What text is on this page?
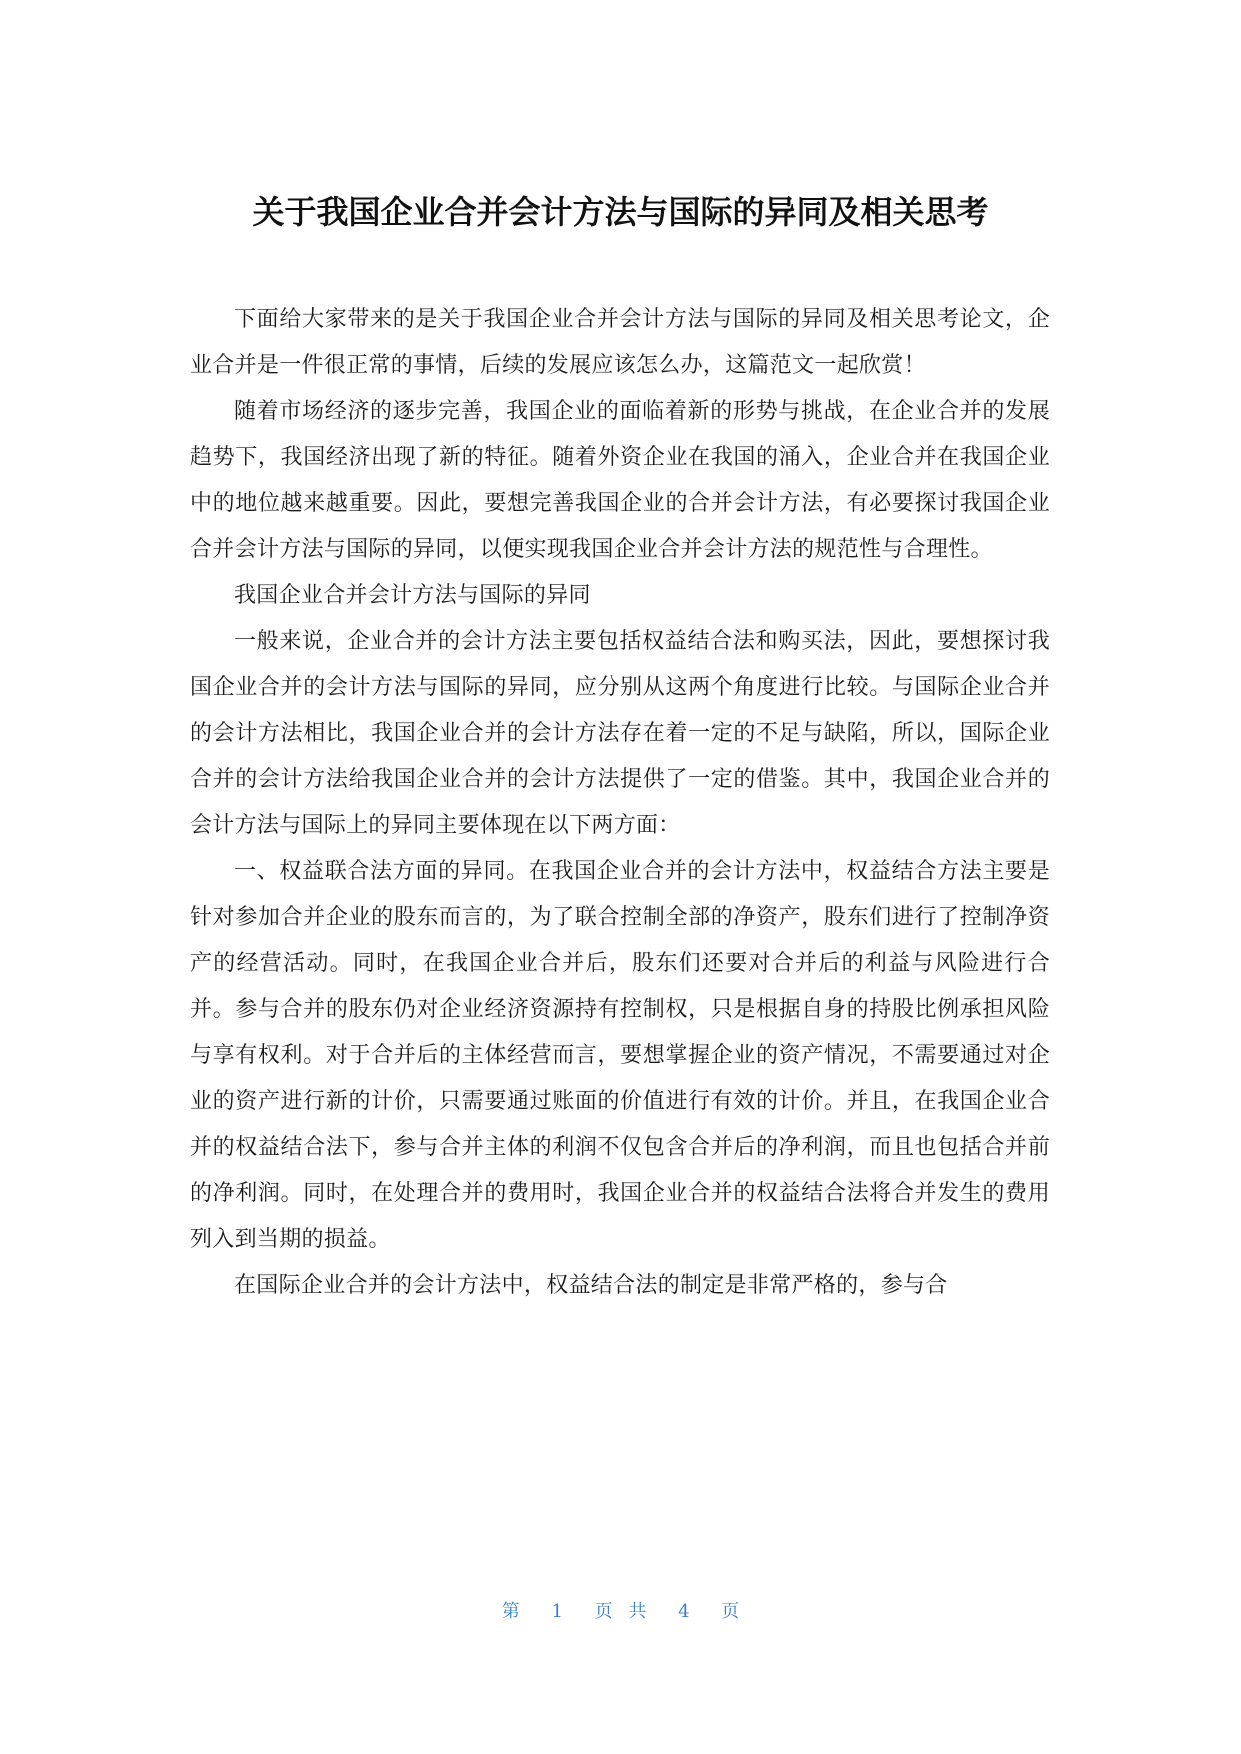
关于我国企业合并会计方法与国际的异同及相关思考

下面给大家带来的是关于我国企业合并会计方法与国际的异同及相关思考论文，企业合并是一件很正常的事情，后续的发展应该怎么办，这篇范文一起欣赏！

随着市场经济的逐步完善，我国企业的面临着新的形势与挑战，在企业合并的发展趋势下，我国经济出现了新的特征。随着外资企业在我国的涌入，企业合并在我国企业中的地位越来越重要。因此，要想完善我国企业的合并会计方法，有必要探讨我国企业合并会计方法与国际的异同，以便实现我国企业合并会计方法的规范性与合理性。

我国企业合并会计方法与国际的异同

一般来说，企业合并的会计方法主要包括权益结合法和购买法，因此，要想探讨我国企业合并的会计方法与国际的异同，应分别从这两个角度进行比较。与国际企业合并的会计方法相比，我国企业合并的会计方法存在着一定的不足与缺陷，所以，国际企业合并的会计方法给我国企业合并的会计方法提供了一定的借鉴。其中，我国企业合并的会计方法与国际上的异同主要体现在以下两方面：

一、权益联合法方面的异同。在我国企业合并的会计方法中，权益结合方法主要是针对参加合并企业的股东而言的，为了联合控制全部的净资产，股东们进行了控制净资产的经营活动。同时，在我国企业合并后，股东们还要对合并后的利益与风险进行合并。参与合并的股东仍对企业经济资源持有控制权，只是根据自身的持股比例承担风险与享有权利。对于合并后的主体经营而言，要想掌握企业的资产情况，不需要通过对企业的资产进行新的计价，只需要通过账面的价值进行有效的计价。并且，在我国企业合并的权益结合法下，参与合并主体的利润不仅包含合并后的净利润，而且也包括合并前的净利润。同时，在处理合并的费用时，我国企业合并的权益结合法将合并发生的费用列入到当期的损益。

在国际企业合并的会计方法中，权益结合法的制定是非常严格的，参与合

第 1 页 共 4 页
